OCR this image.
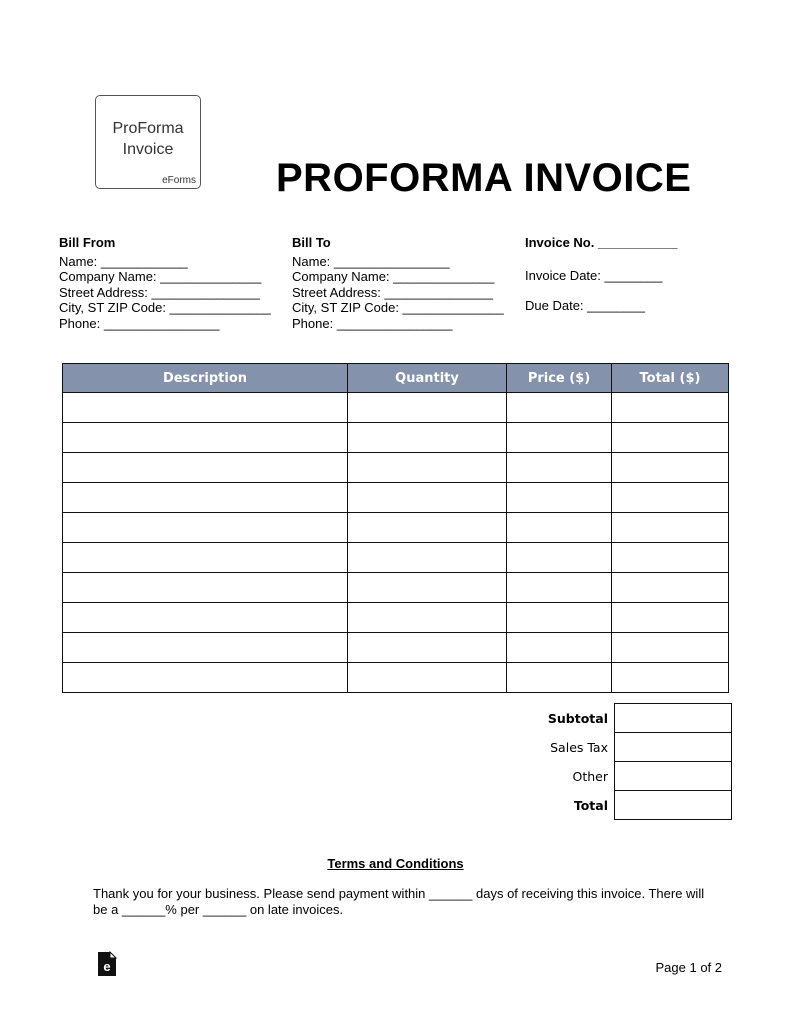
ProForma
Invoice
eForms PROFORMA INVOICE
Bill From
Name: ____________
Company Name: ______________
Street Address: _______________
City, ST ZIP Code: ______________
Phone: ________________
Bill To
Name: ________________
Company Name: ______________
Street Address: _______________
City, ST ZIP Code: ______________
Phone: ________________
Invoice No. ___________
Invoice Date: ________
Due Date: ________
Description	Quantity	Price ($)	Total ($)

Subtotal	
Sales Tax	
Other	
Total	
Terms and Conditions
Thank you for your business. Please send payment within ______ days of receiving this invoice. There will be a ______% per ______ on late invoices.
e	Page 1 of 2
